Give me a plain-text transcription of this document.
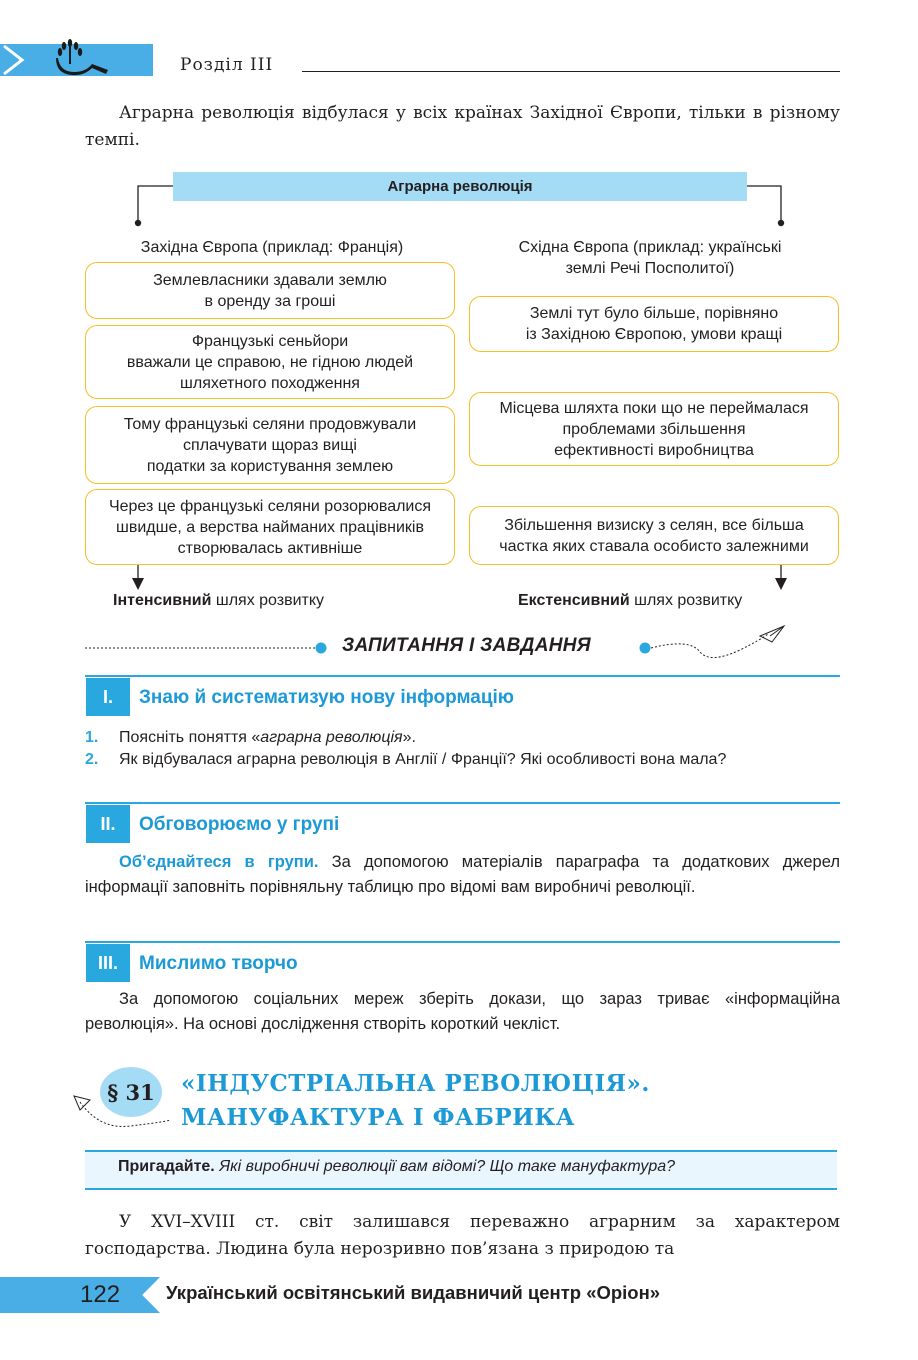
Розділ III
Аграрна революція відбулася у всіх країнах Західної Європи, тільки в різному темпі.
Аграрна революція
Західна Європа (приклад: Франція)	Східна Європа (приклад: українські
землі Речі Посполитої)
Землевласники здавали землю
в оренду за гроші
Французькі сеньйори
вважали це справою, не гідною людей
шляхетного походження
Тому французькі селяни продовжували
сплачувати щораз вищі
податки за користування землею
Через це французькі селяни розорювалися
швидше, а верства найманих працівників
створювалась активніше
Землі тут було більше, порівняно
із Західною Європою, умови кращі
Місцева шляхта поки що не переймалася
проблемами збільшення
ефективності виробництва
Збільшення визиску з селян, все більша
частка яких ставала особисто залежними
Інтенсивний шлях розвитку	Екстенсивний шлях розвитку
ЗАПИТАННЯ І ЗАВДАННЯ
I.	Знаю й систематизую нову інформацію
1. Поясніть поняття «аграрна революція».
2. Як відбувалася аграрна революція в Англії / Франції? Які особливості вона мала?
II.	Обговорюємо у групі
Об’єднайтеся в групи. За допомогою матеріалів параграфа та додаткових джерел інформації заповніть порівняльну таблицю про відомі вам виробничі революції.
III.	Мислимо творчо
За допомогою соціальних мереж зберіть докази, що зараз триває «інформаційна революція». На основі дослідження створіть короткий чекліст.
§ 31	«ІНДУСТРІАЛЬНА РЕВОЛЮЦІЯ».
МАНУФАКТУРА І ФАБРИКА
Пригадайте. Які виробничі революції вам відомі? Що таке мануфактура?
У XVI–XVIII ст. світ залишався переважно аграрним за характером господарства. Людина була нерозривно пов’язана з природою та
122 Український освітянський видавничий центр «Оріон»
